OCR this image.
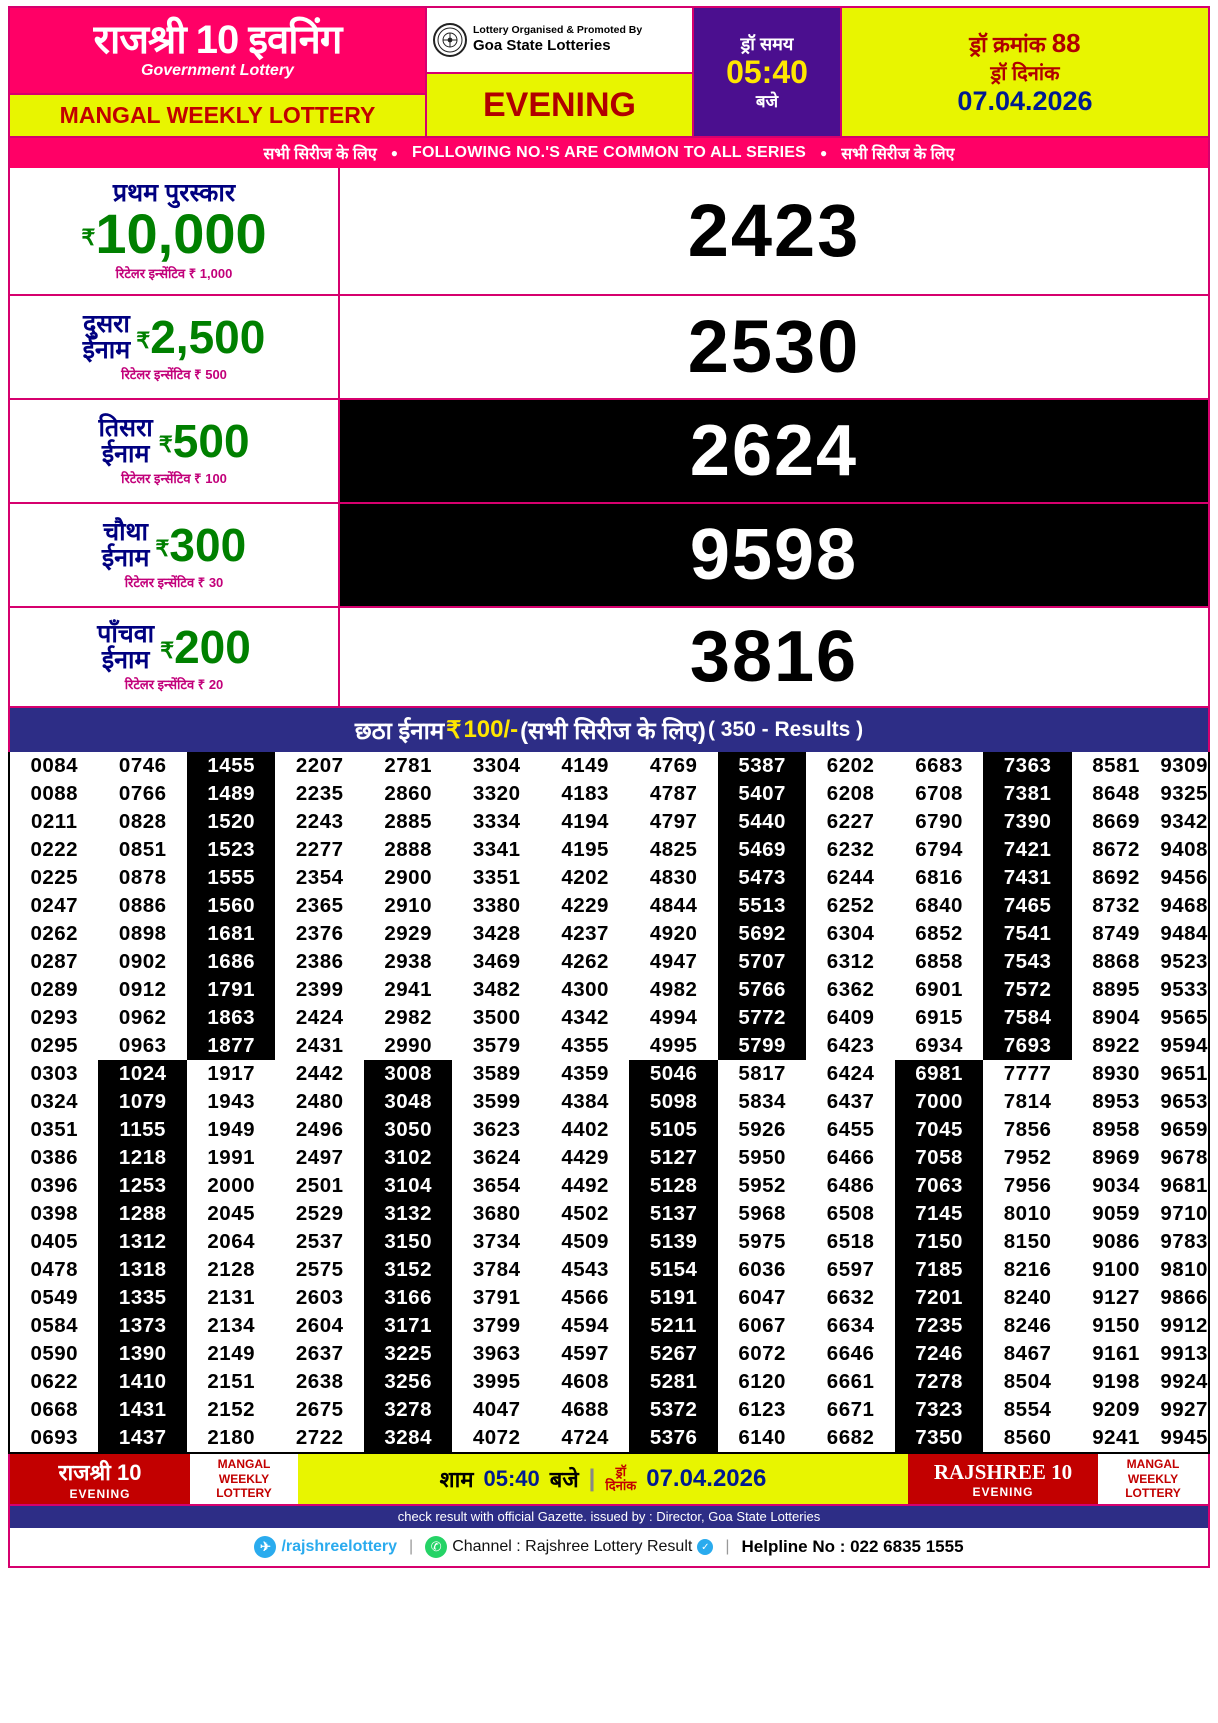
राजश्री 10 इवनिंग
Government Lottery
MANGAL WEEKLY LOTTERY
Lottery Organised & Promoted By
Goa State Lotteries
EVENING
ड्रॉ समय
05:40
बजे
ड्रॉ क्रमांक 88
ड्रॉ दिनांक
07.04.2026
सभी सिरीज के लिए ● FOLLOWING NO.'S ARE COMMON TO ALL SERIES ● सभी सिरीज के लिए
प्रथम पुरस्कार
₹10,000
रिटेलर इन्सेंटिव ₹ 1,000
2423
दुसरा
ईनाम ₹2,500
रिटेलर इन्सेंटिव ₹ 500	2530
तिसरा
ईनाम ₹500
रिटेलर इन्सेंटिव ₹ 100	2624
चौथा
ईनाम ₹300
रिटेलर इन्सेंटिव ₹ 30	9598
पाँचवा
ईनाम ₹200
रिटेलर इन्सेंटिव ₹ 20	3816
छठा ईनाम ₹ 100/- (सभी सिरीज के लिए) ( 350 - Results )
0084	0746	1455	2207	2781	3304	4149	4769	5387	6202	6683	7363	8581	9309
0088	0766	1489	2235	2860	3320	4183	4787	5407	6208	6708	7381	8648	9325
0211	0828	1520	2243	2885	3334	4194	4797	5440	6227	6790	7390	8669	9342
0222	0851	1523	2277	2888	3341	4195	4825	5469	6232	6794	7421	8672	9408
0225	0878	1555	2354	2900	3351	4202	4830	5473	6244	6816	7431	8692	9456
0247	0886	1560	2365	2910	3380	4229	4844	5513	6252	6840	7465	8732	9468
0262	0898	1681	2376	2929	3428	4237	4920	5692	6304	6852	7541	8749	9484
0287	0902	1686	2386	2938	3469	4262	4947	5707	6312	6858	7543	8868	9523
0289	0912	1791	2399	2941	3482	4300	4982	5766	6362	6901	7572	8895	9533
0293	0962	1863	2424	2982	3500	4342	4994	5772	6409	6915	7584	8904	9565
0295	0963	1877	2431	2990	3579	4355	4995	5799	6423	6934	7693	8922	9594
0303	1024	1917	2442	3008	3589	4359	5046	5817	6424	6981	7777	8930	9651
0324	1079	1943	2480	3048	3599	4384	5098	5834	6437	7000	7814	8953	9653
0351	1155	1949	2496	3050	3623	4402	5105	5926	6455	7045	7856	8958	9659
0386	1218	1991	2497	3102	3624	4429	5127	5950	6466	7058	7952	8969	9678
0396	1253	2000	2501	3104	3654	4492	5128	5952	6486	7063	7956	9034	9681
0398	1288	2045	2529	3132	3680	4502	5137	5968	6508	7145	8010	9059	9710
0405	1312	2064	2537	3150	3734	4509	5139	5975	6518	7150	8150	9086	9783
0478	1318	2128	2575	3152	3784	4543	5154	6036	6597	7185	8216	9100	9810
0549	1335	2131	2603	3166	3791	4566	5191	6047	6632	7201	8240	9127	9866
0584	1373	2134	2604	3171	3799	4594	5211	6067	6634	7235	8246	9150	9912
0590	1390	2149	2637	3225	3963	4597	5267	6072	6646	7246	8467	9161	9913
0622	1410	2151	2638	3256	3995	4608	5281	6120	6661	7278	8504	9198	9924
0668	1431	2152	2675	3278	4047	4688	5372	6123	6671	7323	8554	9209	9927
0693	1437	2180	2722	3284	4072	4724	5376	6140	6682	7350	8560	9241	9945
राजश्री 10
EVENING
MANGAL
WEEKLY
LOTTERY
शाम 05:40 बजे |	ड्रॉ
दिनांक 07.04.2026	RAJSHREE 10
EVENING
MANGAL
WEEKLY
LOTTERY
check result with official Gazette. issued by : Director, Goa State Lotteries
✈ /rajshreelottery |	✆ Channel : Rajshree Lottery Result ✓ | Helpline No : 022 6835 1555
